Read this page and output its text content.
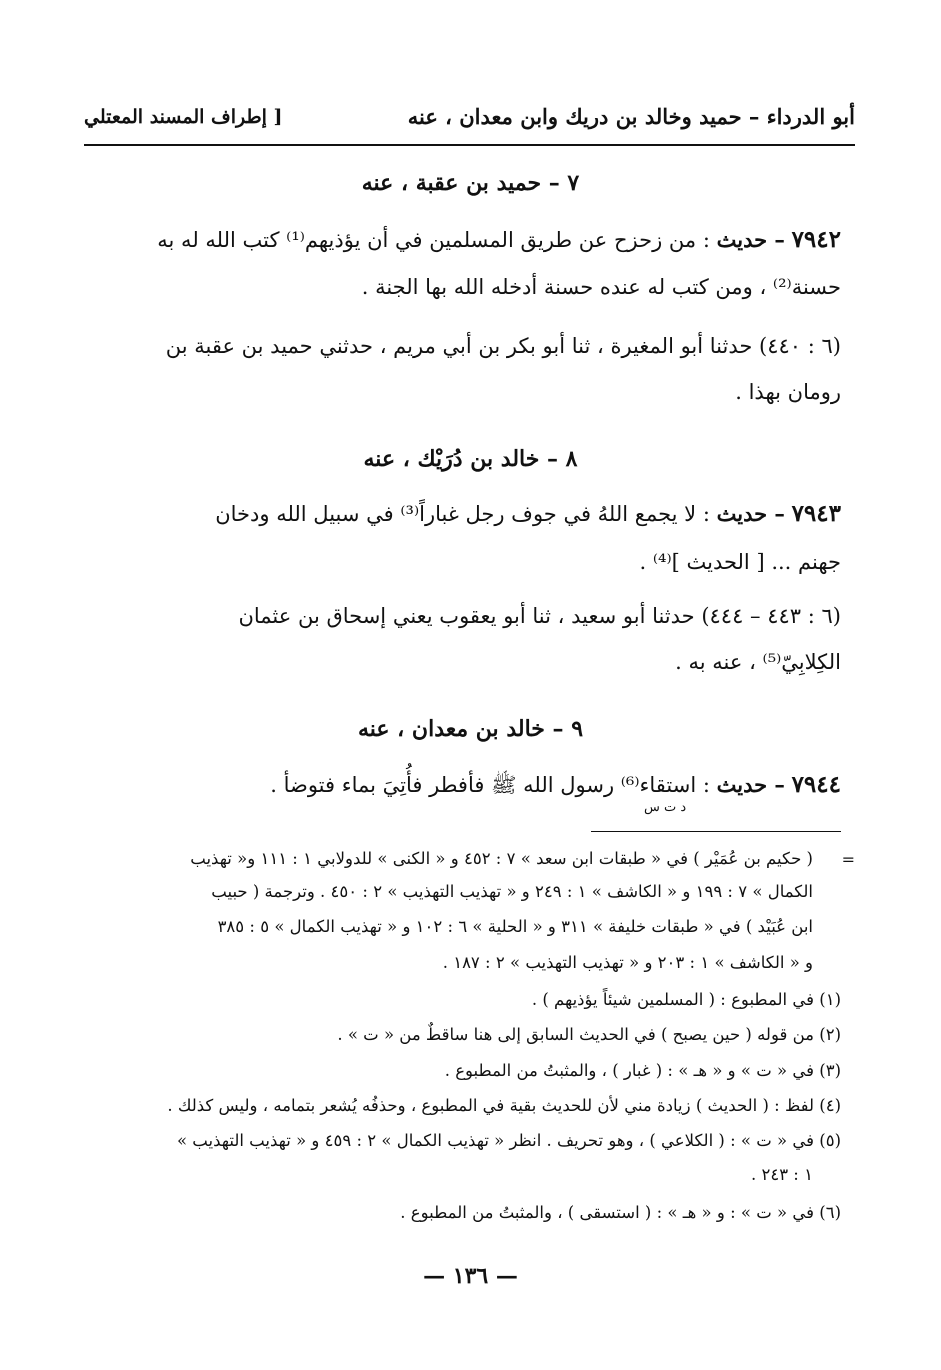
أبو الدرداء – حميد وخالد بن دريك وابن معدان ، عنه
[ إطراف المسند المعتلي
٧ – حميد بن عقبة ، عنه
٧٩٤٢ – حديث : من زحزح عن طريق المسلمين في أن يؤذيهم⁽¹⁾ كتب الله له به
حسنة⁽²⁾ ، ومن كتب له عنده حسنة أدخله الله بها الجنة .
(٦ : ٤٤٠) حدثنا أبو المغيرة ، ثنا أبو بكر بن أبي مريم ، حدثني حميد بن عقبة بن
رومان بهذا .
٨ – خالد بن دُرَيْك ، عنه
٧٩٤٣ – حديث : لا يجمع اللهُ في جوف رجل غباراً⁽³⁾ في سبيل الله ودخان
جهنم ... [ الحديث ]⁽⁴⁾ .
(٦ : ٤٤٣ – ٤٤٤) حدثنا أبو سعيد ، ثنا أبو يعقوب يعني إسحاق بن عثمان
الكِلابِيّ⁽⁵⁾ ، عنه به .
٩ – خالد بن معدان ، عنه
٧٩٤٤ – حديث : استقاء⁽⁶⁾ رسول الله ﷺ فأفطر فأُتِيَ بماء فتوضأ .
د ت س
=
( حكيم بن عُمَيْر ) في « طبقات ابن سعد » ٧ : ٤٥٢ و « الكنى » للدولابي ١ : ١١١ و« تهذيب
الكمال » ٧ : ١٩٩ و « الكاشف » ١ : ٢٤٩ و « تهذيب التهذيب » ٢ : ٤٥٠ . وترجمة ( حبيب
ابن عُبَيْد ) في « طبقات خليفة » ٣١١ و « الحلية » ٦ : ١٠٢ و « تهذيب الكمال » ٥ : ٣٨٥
و « الكاشف » ١ : ٢٠٣ و « تهذيب التهذيب » ٢ : ١٨٧ .
(١) في المطبوع : ( المسلمين شيئاً يؤذيهم ) .
(٢) من قوله ( حين يصبح ) في الحديث السابق إلى هنا ساقطٌ من « ت » .
(٣) في « ت » و « هـ » : ( غبار ) ، والمثبتُ من المطبوع .
(٤) لفظ : ( الحديث ) زيادة مني لأن للحديث بقية في المطبوع ، وحذفُه يُشعر بتمامه ، وليس كذلك .
(٥) في « ت » : ( الكلاعي ) ، وهو تحريف . انظر « تهذيب الكمال » ٢ : ٤٥٩ و « تهذيب التهذيب »
١ : ٢٤٣ .
(٦) في « ت » : و « هـ » : ( استسقى ) ، والمثبتُ من المطبوع .
— ١٣٦ —
